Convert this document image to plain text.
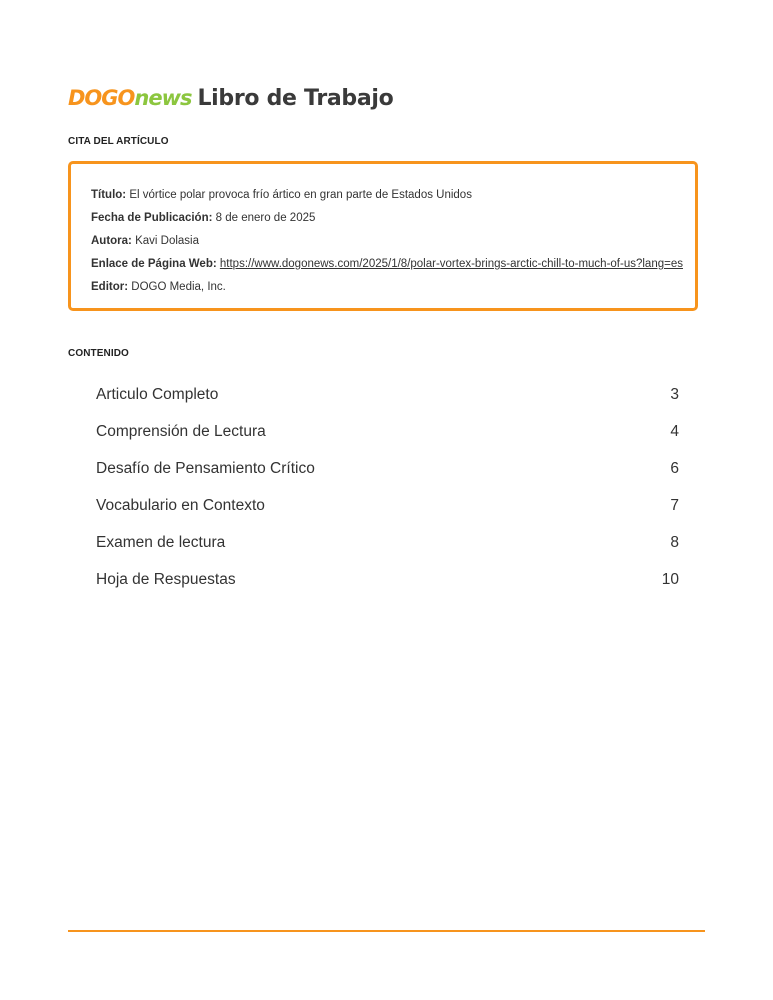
DOGOnews Libro de Trabajo
CITA DEL ARTÍCULO
Título: El vórtice polar provoca frío ártico en gran parte de Estados Unidos
Fecha de Publicación: 8 de enero de 2025
Autora: Kavi Dolasia
Enlace de Página Web: https://www.dogonews.com/2025/1/8/polar-vortex-brings-arctic-chill-to-much-of-us?lang=es
Editor: DOGO Media, Inc.
CONTENIDO
Articulo Completo	3
Comprensión de Lectura	4
Desafío de Pensamiento Crítico	6
Vocabulario en Contexto	7
Examen de lectura	8
Hoja de Respuestas	10
